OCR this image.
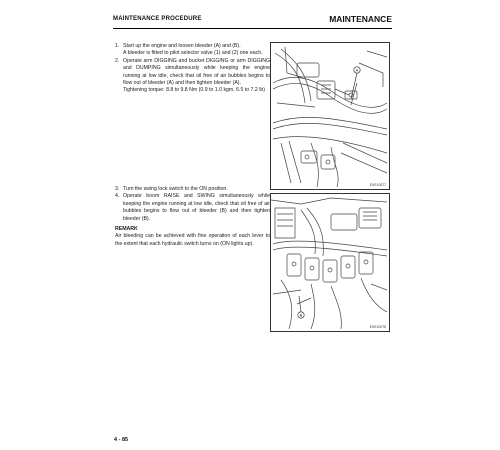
MAINTENANCE PROCEDURE	MAINTENANCE
1. Start up the engine and loosen bleeder (A) and (B).
A bleeder is fitted to pilot selector valve (1) and (2) one each.
2. Operate arm DIGGING and bucket DIGGING or arm DIGGING and DUMPING simultaneously while keeping the engine running at low idle, check that oil free of air bubbles begins to flow out of bleeder (A) and then tighten bleeder (A).
Tightening torque: 8.8 to 9.8 Nm (0.9 to 1.0 kgm, 6.5 to 7.2 lb)
A
EXE10077
3. Turn the swing lock switch to the ON position.
4. Operate boom RAISE and SWING simultaneously while keeping the engine running at low idle, check that oil free of air bubbles begins to flow out of bleeder (B) and then tighten bleeder (B).
REMARK
Air bleeding can be achieved with fine operation of each lever to the extent that each hydraulic switch turns on (ON lights up).
B
EXE10078
4 - 85
